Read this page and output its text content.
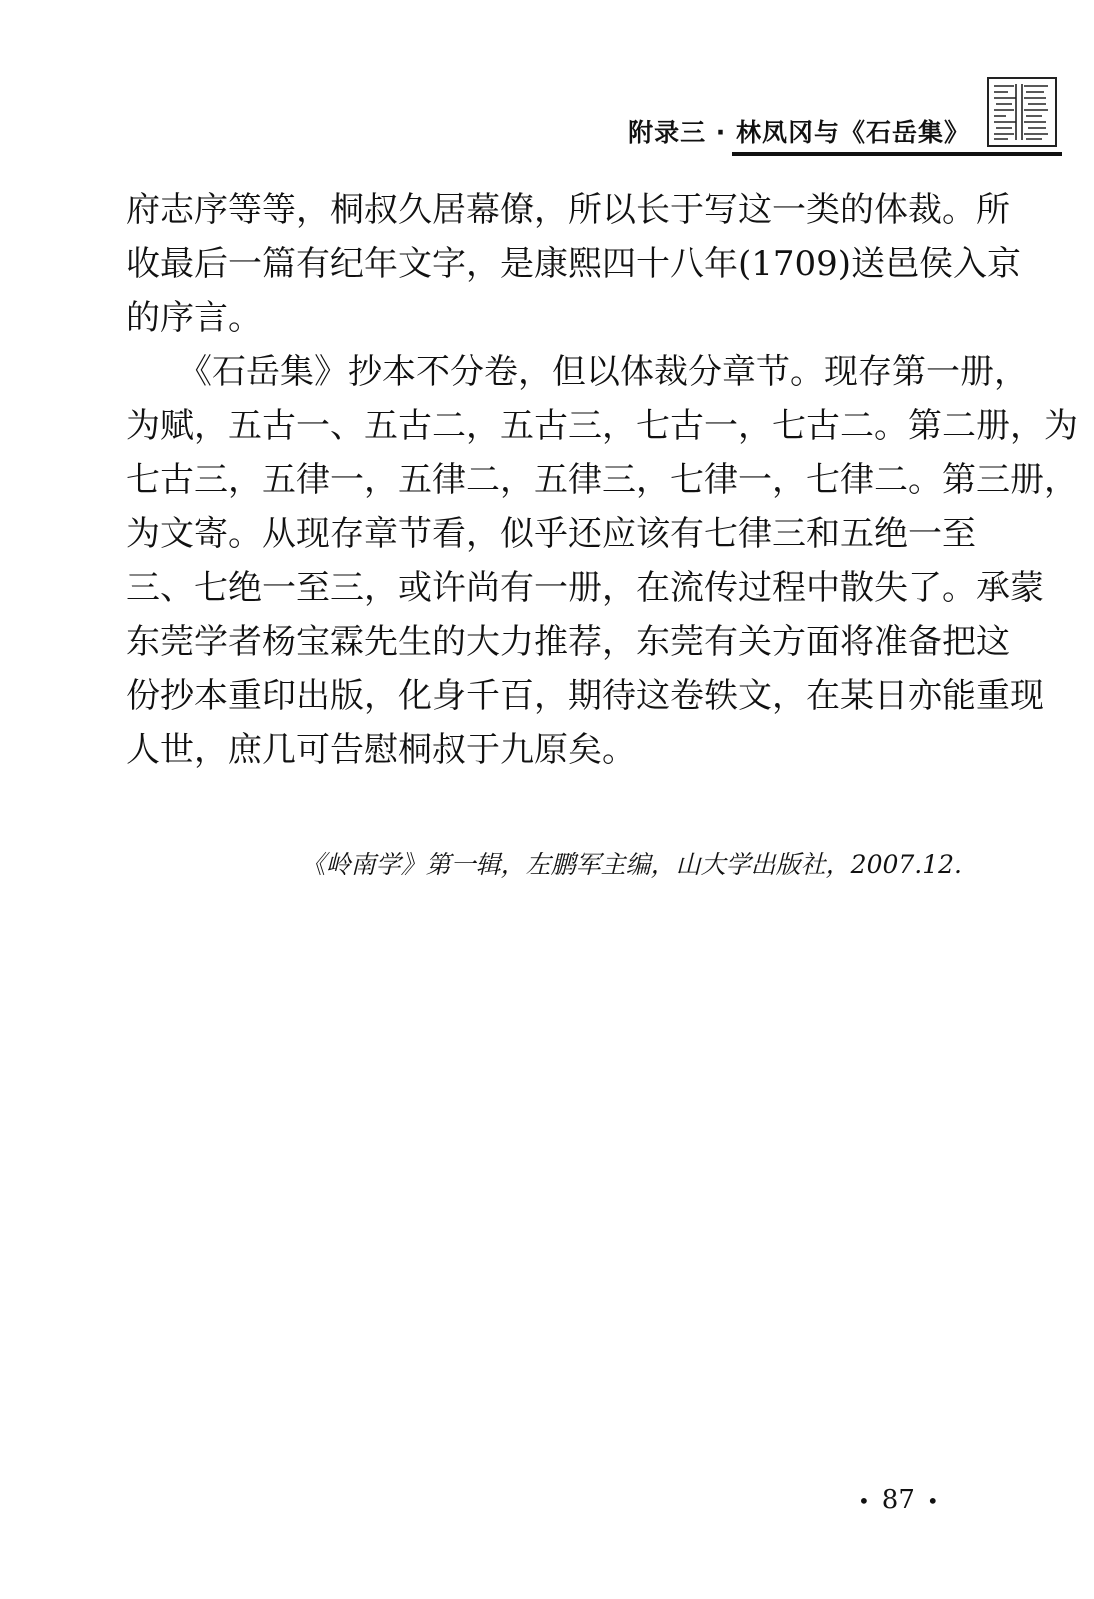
附录三 · 林凤冈与《石岳集》
府志序等等，桐叔久居幕僚，所以长于写这一类的体裁。所
收最后一篇有纪年文字，是康熙四十八年(1709)送邑侯入京
的序言。
《石岳集》抄本不分卷，但以体裁分章节。现存第一册，
为赋，五古一、五古二，五古三，七古一，七古二。第二册，为
七古三，五律一，五律二，五律三，七律一，七律二。第三册，
为文寄。从现存章节看，似乎还应该有七律三和五绝一至
三、七绝一至三，或许尚有一册，在流传过程中散失了。承蒙
东莞学者杨宝霖先生的大力推荐，东莞有关方面将准备把这
份抄本重印出版，化身千百，期待这卷轶文，在某日亦能重现
人世，庶几可告慰桐叔于九原矣。
《岭南学》第一辑，左鹏军主编，山大学出版社，2007.12.
• 87 •
